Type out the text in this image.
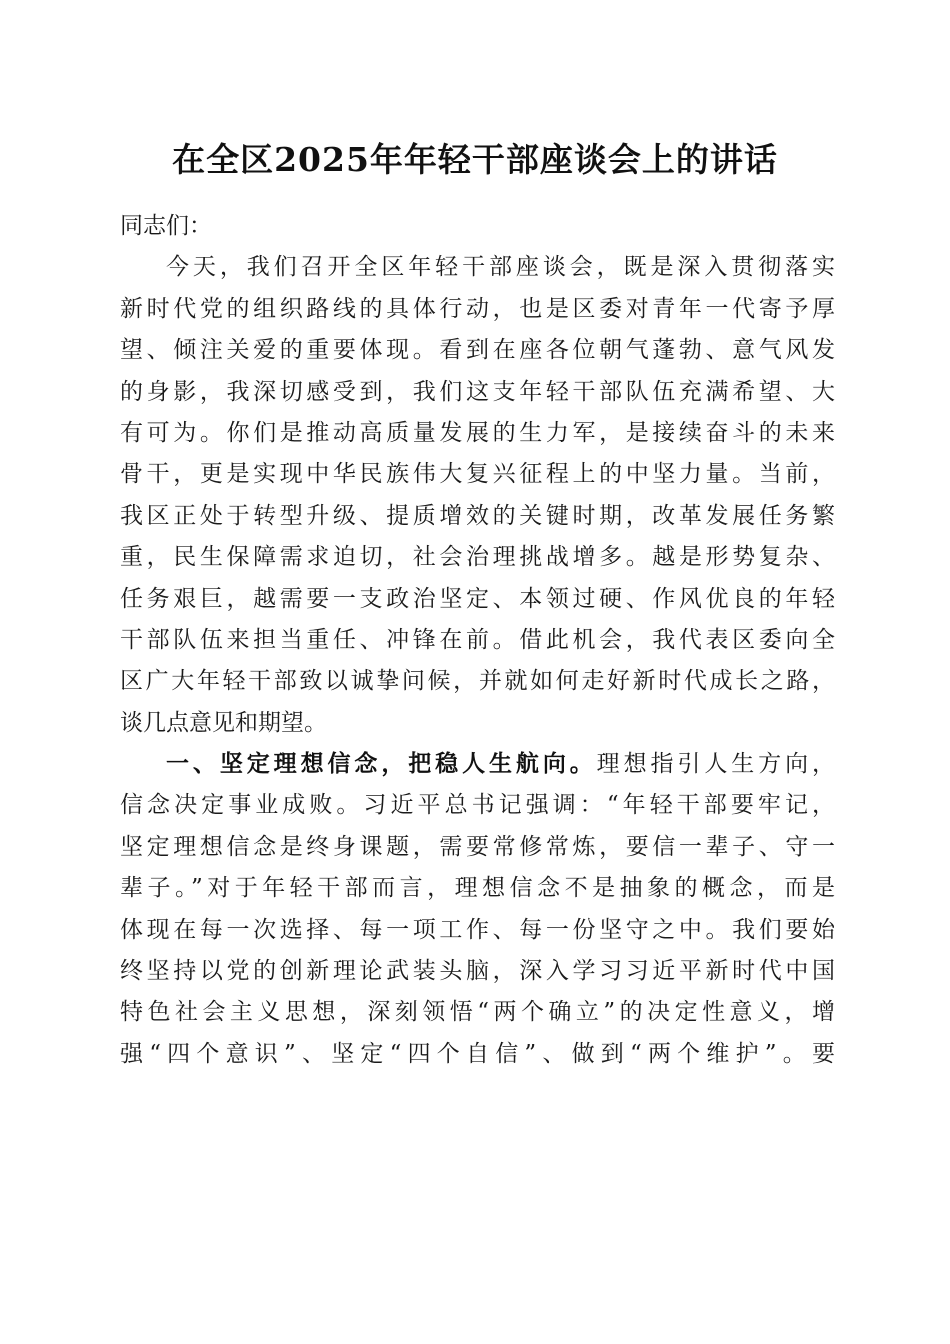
在全区2025年年轻干部座谈会上的讲话
同志们：
今天，我们召开全区年轻干部座谈会，既是深入贯彻落实
新时代党的组织路线的具体行动，也是区委对青年一代寄予厚
望、倾注关爱的重要体现。看到在座各位朝气蓬勃、意气风发
的身影，我深切感受到，我们这支年轻干部队伍充满希望、大
有可为。你们是推动高质量发展的生力军，是接续奋斗的未来
骨干，更是实现中华民族伟大复兴征程上的中坚力量。当前，
我区正处于转型升级、提质增效的关键时期，改革发展任务繁
重，民生保障需求迫切，社会治理挑战增多。越是形势复杂、
任务艰巨，越需要一支政治坚定、本领过硬、作风优良的年轻
干部队伍来担当重任、冲锋在前。借此机会，我代表区委向全
区广大年轻干部致以诚挚问候，并就如何走好新时代成长之路，
谈几点意见和期望。
一、坚定理想信念，把稳人生航向。理想指引人生方向，
信念决定事业成败。习近平总书记强调：“年轻干部要牢记，
坚定理想信念是终身课题，需要常修常炼，要信一辈子、守一
辈子。”对于年轻干部而言，理想信念不是抽象的概念，而是
体现在每一次选择、每一项工作、每一份坚守之中。我们要始
终坚持以党的创新理论武装头脑，深入学习习近平新时代中国
特色社会主义思想，深刻领悟“两个确立”的决定性意义，增
强“四个意识”、坚定“四个自信”、做到“两个维护”。要
